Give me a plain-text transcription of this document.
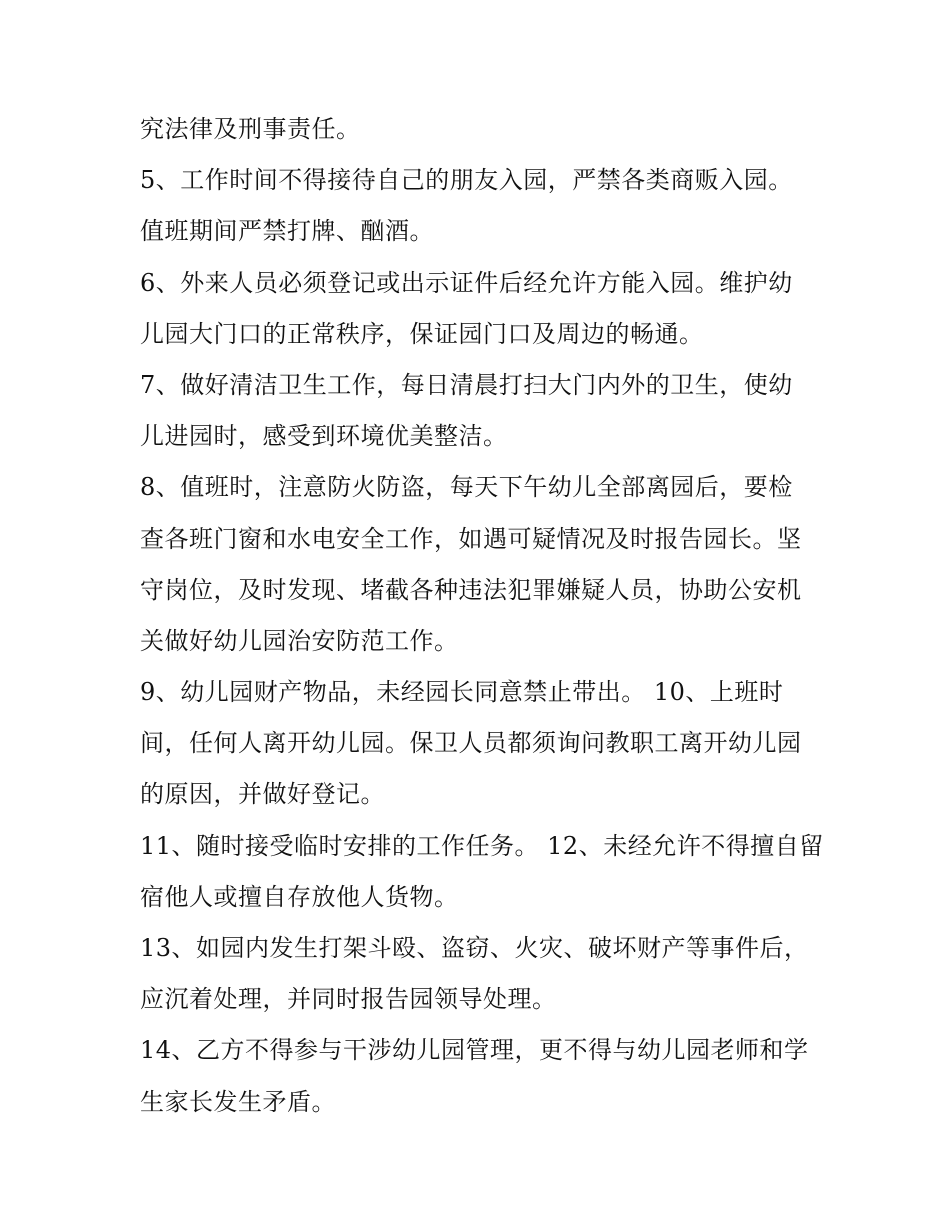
究法律及刑事责任。
5、工作时间不得接待自己的朋友入园，严禁各类商贩入园。
值班期间严禁打牌、酗酒。
6、外来人员必须登记或出示证件后经允许方能入园。维护幼
儿园大门口的正常秩序，保证园门口及周边的畅通。
7、做好清洁卫生工作，每日清晨打扫大门内外的卫生，使幼
儿进园时，感受到环境优美整洁。
8、值班时，注意防火防盗，每天下午幼儿全部离园后，要检
查各班门窗和水电安全工作，如遇可疑情况及时报告园长。坚
守岗位，及时发现、堵截各种违法犯罪嫌疑人员，协助公安机
关做好幼儿园治安防范工作。
9、幼儿园财产物品，未经园长同意禁止带出。 10、上班时
间，任何人离开幼儿园。保卫人员都须询问教职工离开幼儿园
的原因，并做好登记。
11、随时接受临时安排的工作任务。 12、未经允许不得擅自留
宿他人或擅自存放他人货物。
13、如园内发生打架斗殴、盗窃、火灾、破坏财产等事件后，
应沉着处理，并同时报告园领导处理。
14、乙方不得参与干涉幼儿园管理，更不得与幼儿园老师和学
生家长发生矛盾。
